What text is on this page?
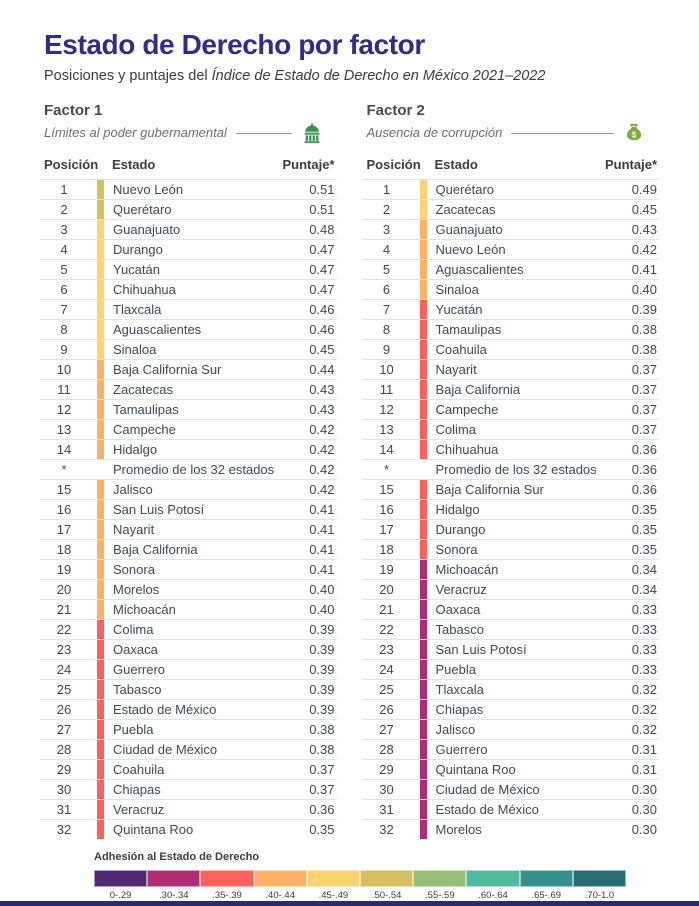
Estado de Derecho por factor
Posiciones y puntajes del Índice de Estado de Derecho en México 2021–2022
Factor 1
Límites al poder gubernamental
Posición	Estado	Puntaje*
1	Nuevo León	0.51
2	Querétaro	0.51
3	Guanajuato	0.48
4	Durango	0.47
5	Yucatán	0.47
6	Chihuahua	0.47
7	Tlaxcala	0.46
8	Aguascalientes	0.46
9	Sinaloa	0.45
10	Baja California Sur	0.44
11	Zacatecas	0.43
12	Tamaulipas	0.43
13	Campeche	0.42
14	Hidalgo	0.42
*	Promedio de los 32 estados	0.42
15	Jalisco	0.42
16	San Luis Potosí	0.41
17	Nayarit	0.41
18	Baja California	0.41
19	Sonora	0.41
20	Morelos	0.40
21	Michoacán	0.40
22	Colima	0.39
23	Oaxaca	0.39
24	Guerrero	0.39
25	Tabasco	0.39
26	Estado de México	0.39
27	Puebla	0.38
28	Ciudad de México	0.38
29	Coahuila	0.37
30	Chiapas	0.37
31	Veracruz	0.36
32	Quintana Roo	0.35
Factor 2
Ausencia de corrupción	$
Posición	Estado	Puntaje*
1	Querétaro	0.49
2	Zacatecas	0.45
3	Guanajuato	0.43
4	Nuevo León	0.42
5	Aguascalientes	0.41
6	Sinaloa	0.40
7	Yucatán	0.39
8	Tamaulipas	0.38
9	Coahuila	0.38
10	Nayarit	0.37
11	Baja California	0.37
12	Campeche	0.37
13	Colima	0.37
14	Chihuahua	0.36
*	Promedio de los 32 estados	0.36
15	Baja California Sur	0.36
16	Hidalgo	0.35
17	Durango	0.35
18	Sonora	0.35
19	Michoacán	0.34
20	Veracruz	0.34
21	Oaxaca	0.33
22	Tabasco	0.33
23	San Luis Potosí	0.33
24	Puebla	0.33
25	Tlaxcala	0.32
26	Chiapas	0.32
27	Jalisco	0.32
28	Guerrero	0.31
29	Quintana Roo	0.31
30	Ciudad de México	0.30
31	Estado de México	0.30
32	Morelos	0.30
Adhesión al Estado de Derecho
0-.29	.30-.34	.35-.39	.40-.44	.45-.49	.50-.54	.55-.59	.60-.64	.65-.69	.70-1.0
